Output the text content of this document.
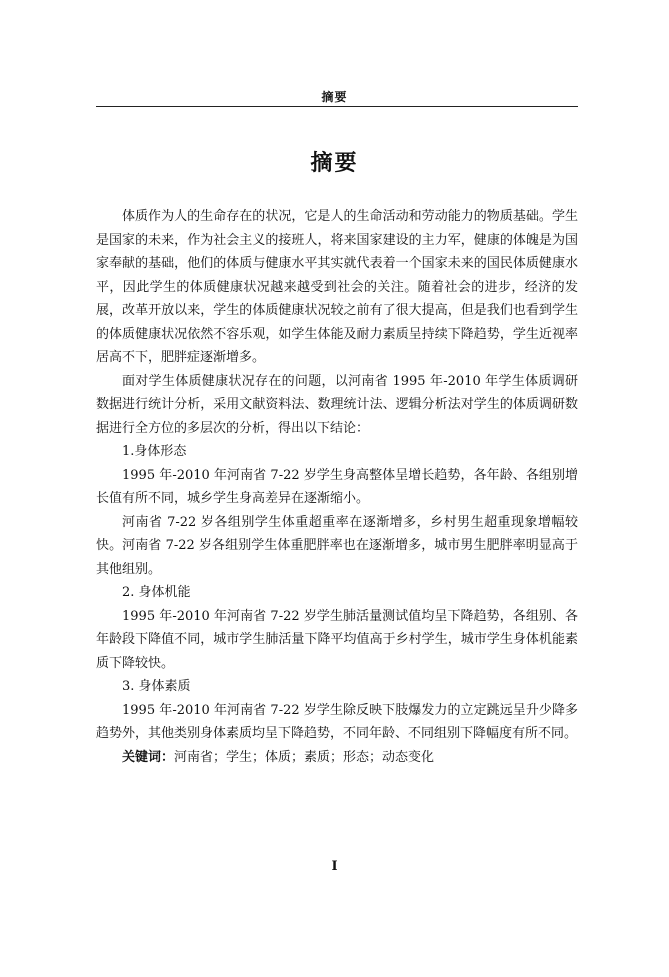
摘要
摘要

体质作为人的生命存在的状况，它是人的生命活动和劳动能力的物质基础。学生是国家的未来，作为社会主义的接班人，将来国家建设的主力军，健康的体魄是为国家奉献的基础，他们的体质与健康水平其实就代表着一个国家未来的国民体质健康水平，因此学生的体质健康状况越来越受到社会的关注。随着社会的进步，经济的发展，改革开放以来，学生的体质健康状况较之前有了很大提高，但是我们也看到学生的体质健康状况依然不容乐观，如学生体能及耐力素质呈持续下降趋势，学生近视率居高不下，肥胖症逐渐增多。

面对学生体质健康状况存在的问题，以河南省 1995 年-2010 年学生体质调研数据进行统计分析，采用文献资料法、数理统计法、逻辑分析法对学生的体质调研数据进行全方位的多层次的分析，得出以下结论：

1.身体形态

1995 年-2010 年河南省 7-22 岁学生身高整体呈增长趋势，各年龄、各组别增长值有所不同，城乡学生身高差异在逐渐缩小。

河南省 7-22 岁各组别学生体重超重率在逐渐增多，乡村男生超重现象增幅较快。河南省 7-22 岁各组别学生体重肥胖率也在逐渐增多，城市男生肥胖率明显高于其他组别。

2. 身体机能

1995 年-2010 年河南省 7-22 岁学生肺活量测试值均呈下降趋势，各组别、各年龄段下降值不同，城市学生肺活量下降平均值高于乡村学生，城市学生身体机能素质下降较快。

3. 身体素质

1995 年-2010 年河南省 7-22 岁学生除反映下肢爆发力的立定跳远呈升少降多趋势外，其他类别身体素质均呈下降趋势，不同年龄、不同组别下降幅度有所不同。

关键词：河南省；学生；体质；素质；形态；动态变化

I
